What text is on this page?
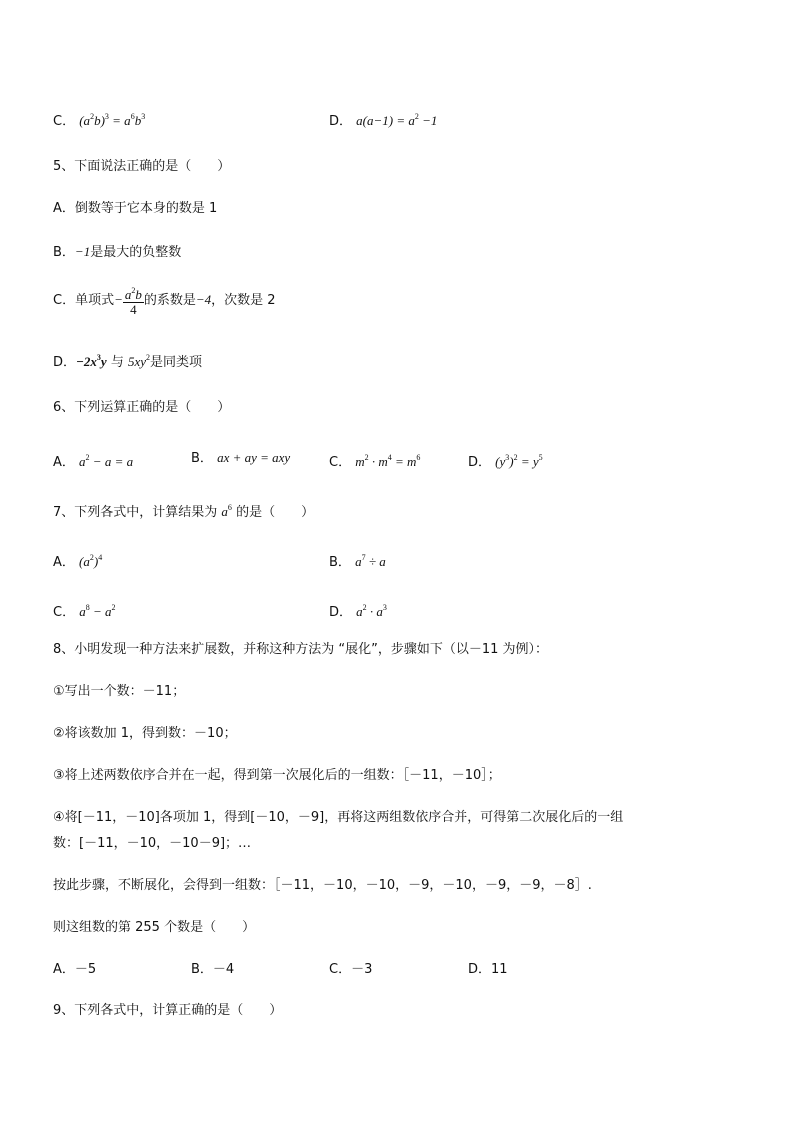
C． $(a^2b)^3 = a^6b^3$	D． $a(a-1) = a^2 -1$
5、下面说法正确的是（　　）
A．倒数等于它本身的数是 1
B．−1是最大的负整数
C．单项式− $\frac{a^2b}{4}$ 的系数是−4，次数是 2
D．$-2x^3y$ 与 $5xy^2$是同类项
6、下列运算正确的是（　　）
A． $a^2 - a = a$	B． ax + ay = axy	C． $m^2 \cdot m^4 = m^6$	D． $(y^3)^2 = y^5$
7、下列各式中，计算结果为 $a^6$ 的是（　　）
A． $(a^2)^4$	B． $a^7 \div a$
C． $a^8 - a^2$	D． $a^2 \cdot a^3$
8、小明发现一种方法来扩展数，并称这种方法为 “展化”，步骤如下（以－11 为例）：
①写出一个数：－11；
②将该数加 1，得到数：－10；
③将上述两数依序合并在一起，得到第一次展化后的一组数：［－11，－10］；
④将[－11，－10]各项加 1，得到[－10，－9]，再将这两组数依序合并，可得第二次展化后的一组
数：[－11，－10，－10－9]；…
按此步骤，不断展化，会得到一组数：［－11，－10，－10，－9，－10，－9，－9，－8］.
则这组数的第 255 个数是（　　）
A．－5	B．－4	C．－3	D．11
9、下列各式中，计算正确的是（　　）
